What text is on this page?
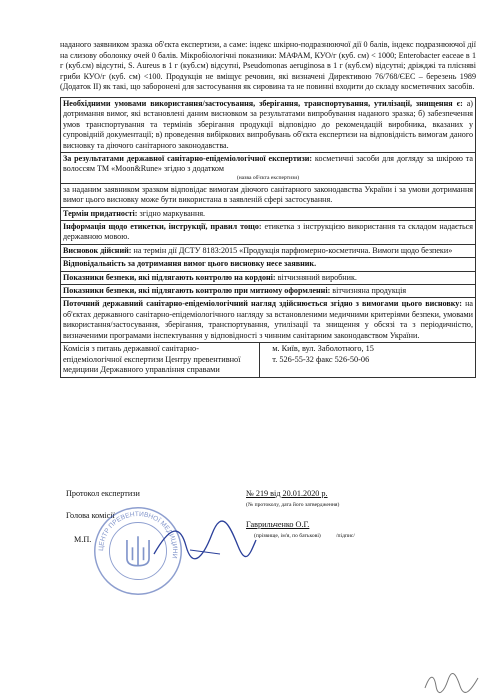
наданого заявником зразка об'єкта експертизи, а саме: індекс шкірно-подразнюючої дії 0 балів, індекс подразнюючої дії на слизову оболонку очей 0 балів. Мікробіологічні показники: МАФАМ, КУО/г (куб. см) < 1000; Enterobacter eaceae в 1 г (куб.см) відсутні, S. Aureus в 1 г (куб.см) відсутні, Pseudomonas aeruginosa в 1 г (куб.см) відсутні; дріжджі та плісняві гриби КУО/г (куб. см) <100. Продукція не вміщує речовин, які визначені Директивою 76/768/ЄЕС – березень 1989 (Додаток II) як такі, що заборонені для застосування як сировина та не повинні входити до складу косметичних засобів.
Необхідними умовами використання/застосування, зберігання, транспортування, утилізації, знищення є: а) дотримання вимог, які встановлені даним висновком за результатами випробування наданого зразка; б) забезпечення умов транспортування та термінів зберігання продукції відповідно до рекомендацій виробника, вказаних у супровідній документації; в) проведення вибіркових випробувань об'єкта експертизи на відповідність вимогам даного висновку та діючого санітарного законодавства.
За результатами державної санітарно-епідеміологічної експертизи: косметичні засоби для догляду за шкірою та волоссям ТМ «Moon&Rune» згідно з додатком
(назва об'єкта експертизи)

за наданим заявником зразком відповідає вимогам діючого санітарного законодавства України і за умови дотримання вимог цього висновку може бути використана в заявленій сфері застосування.
Термін придатності: згідно маркування.
Інформація щодо етикетки, інструкції, правил тощо: етикетка з інструкцією використання та складом надається державною мовою.
Висновок дійсний: на термін дії ДСТУ 8183:2015 «Продукція парфюмерно-косметична. Вимоги щодо безпеки»
Відповідальність за дотримання вимог цього висновку несе заявник.
Показники безпеки, які підлягають контролю на кордоні: вітчизняний виробник.
Показники безпеки, які підлягають контролю при митному оформленні: вітчизняна продукція
Поточний державний санітарно-епідеміологічний нагляд здійснюється згідно з вимогами цього висновку: на об'єктах державного санітарно-епідеміологічного нагляду за встановленими медичними критеріями безпеки, умовами використання/застосування, зберігання, транспортування, утилізації та знищення у обсязі та з періодичністю, визначеними програмами інспектування у відповідності з чинним санітарним законодавством України.

Комісія з питань державної санітарно-епідеміологічної експертизи Центру превентивної медицини Державного управління справами	
м. Київ, вул. Заболотного, 15
т. 526-55-32 факс 526-50-06
Протокол експертизи
Голова комісії
М.П.
№ 219 від 20.01.2020 р.
(№ протоколу, дата його затвердження)
Гаврильченко О.Г.
(прізвище, ім'я, по батькові)	/підпис/
ЦЕНТР ПРЕВЕНТИВНОЇ МЕДИЦИНИ
